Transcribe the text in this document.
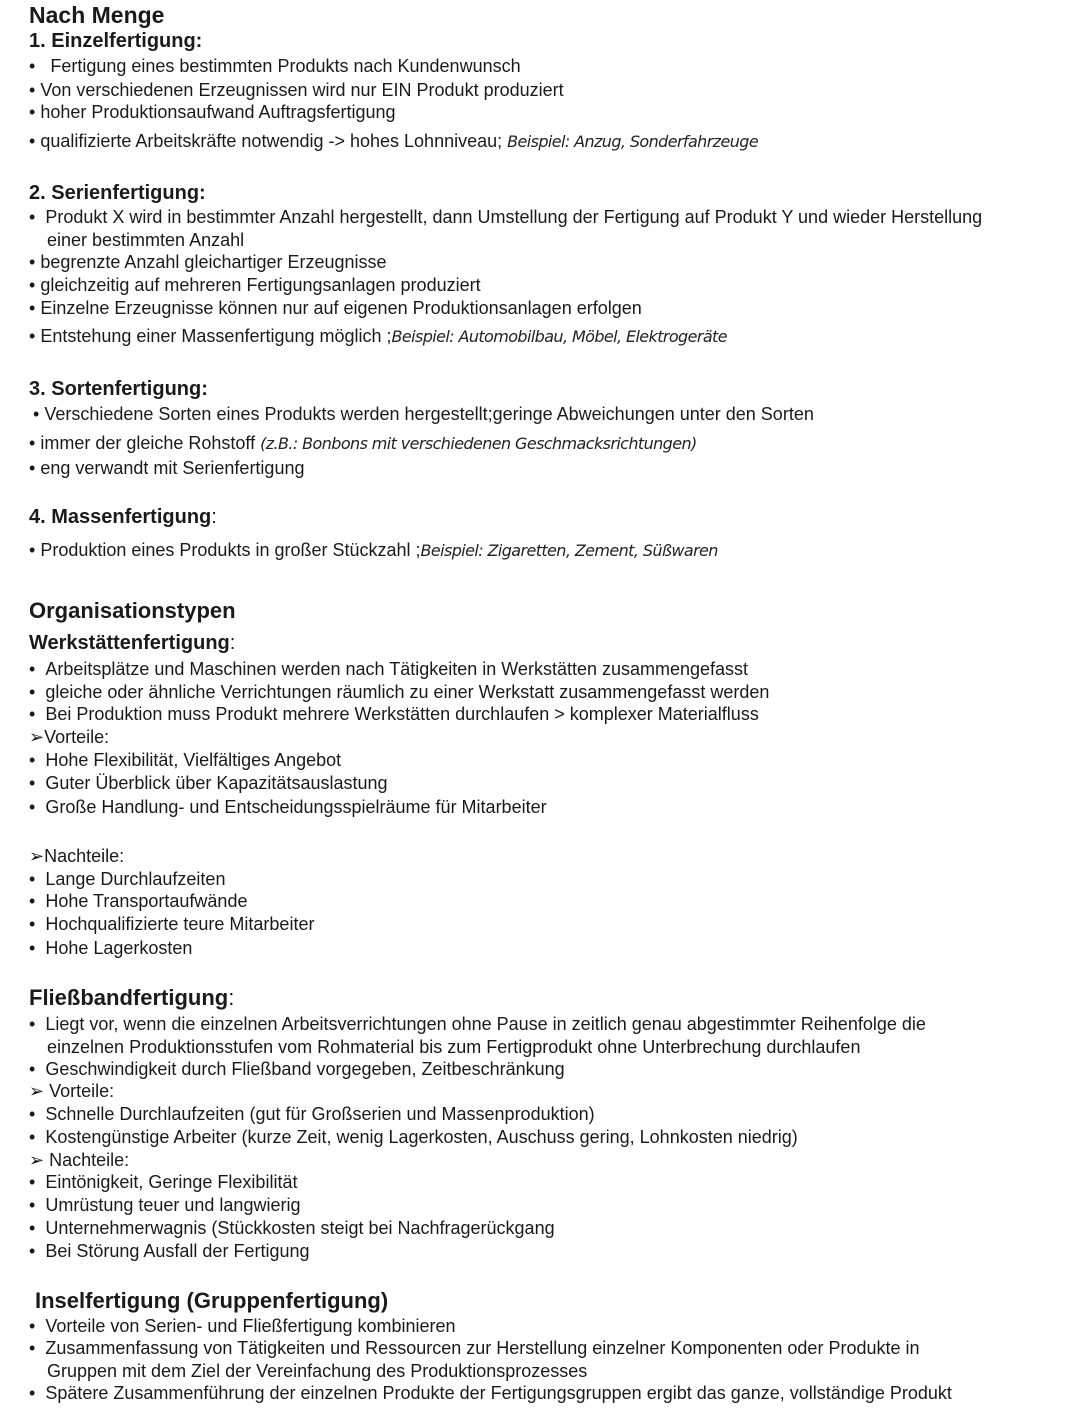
Nach Menge
1. Einzelfertigung:
• Fertigung eines bestimmten Produkts nach Kundenwunsch
• Von verschiedenen Erzeugnissen wird nur EIN Produkt produziert
• hoher Produktionsaufwand Auftragsfertigung
• qualifizierte Arbeitskräfte notwendig -> hohes Lohnniveau; Beispiel: Anzug, Sonderfahrzeuge
2. Serienfertigung:
• Produkt X wird in bestimmter Anzahl hergestellt, dann Umstellung der Fertigung auf Produkt Y und wieder Herstellung
einer bestimmten Anzahl
• begrenzte Anzahl gleichartiger Erzeugnisse
• gleichzeitig auf mehreren Fertigungsanlagen produziert
• Einzelne Erzeugnisse können nur auf eigenen Produktionsanlagen erfolgen
• Entstehung einer Massenfertigung möglich ;Beispiel: Automobilbau, Möbel, Elektrogeräte
3. Sortenfertigung:
• Verschiedene Sorten eines Produkts werden hergestellt;geringe Abweichungen unter den Sorten
• immer der gleiche Rohstoff (z.B.: Bonbons mit verschiedenen Geschmacksrichtungen)
• eng verwandt mit Serienfertigung
4. Massenfertigung:
• Produktion eines Produkts in großer Stückzahl ;Beispiel: Zigaretten, Zement, Süßwaren
Organisationstypen
Werkstättenfertigung:
• Arbeitsplätze und Maschinen werden nach Tätigkeiten in Werkstätten zusammengefasst
• gleiche oder ähnliche Verrichtungen räumlich zu einer Werkstatt zusammengefasst werden
• Bei Produktion muss Produkt mehrere Werkstätten durchlaufen > komplexer Materialfluss
➢Vorteile:
• Hohe Flexibilität, Vielfältiges Angebot
• Guter Überblick über Kapazitätsauslastung
• Große Handlung- und Entscheidungsspielräume für Mitarbeiter
➢Nachteile:
• Lange Durchlaufzeiten
• Hohe Transportaufwände
• Hochqualifizierte teure Mitarbeiter
• Hohe Lagerkosten
Fließbandfertigung:
• Liegt vor, wenn die einzelnen Arbeitsverrichtungen ohne Pause in zeitlich genau abgestimmter Reihenfolge die
einzelnen Produktionsstufen vom Rohmaterial bis zum Fertigprodukt ohne Unterbrechung durchlaufen
• Geschwindigkeit durch Fließband vorgegeben, Zeitbeschränkung
➢ Vorteile:
• Schnelle Durchlaufzeiten (gut für Großserien und Massenproduktion)
• Kostengünstige Arbeiter (kurze Zeit, wenig Lagerkosten, Auschuss gering, Lohnkosten niedrig)
➢ Nachteile:
• Eintönigkeit, Geringe Flexibilität
• Umrüstung teuer und langwierig
• Unternehmerwagnis (Stückkosten steigt bei Nachfragerückgang
• Bei Störung Ausfall der Fertigung
Inselfertigung (Gruppenfertigung)
• Vorteile von Serien- und Fließfertigung kombinieren
• Zusammenfassung von Tätigkeiten und Ressourcen zur Herstellung einzelner Komponenten oder Produkte in
Gruppen mit dem Ziel der Vereinfachung des Produktionsprozesses
• Spätere Zusammenführung der einzelnen Produkte der Fertigungsgruppen ergibt das ganze, vollständige Produkt
